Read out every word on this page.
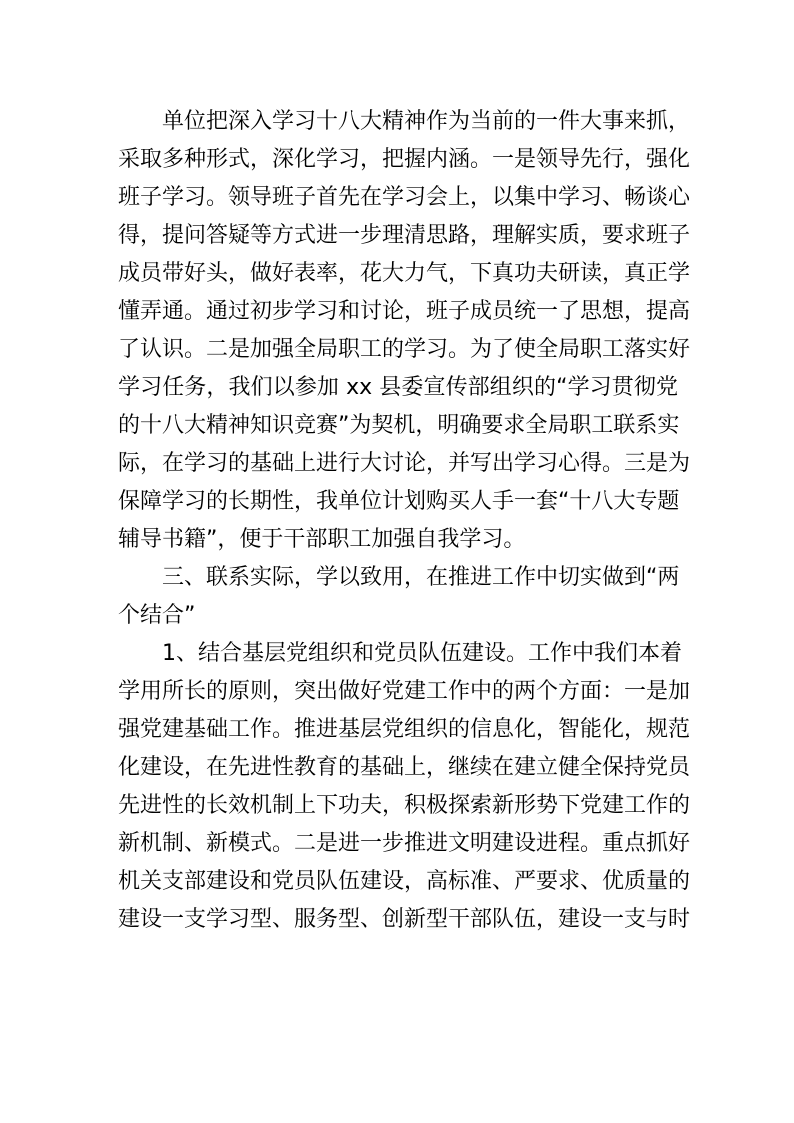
单位把深入学习十八大精神作为当前的一件大事来抓，
采取多种形式，深化学习，把握内涵。一是领导先行，强化
班子学习。领导班子首先在学习会上，以集中学习、畅谈心
得，提问答疑等方式进一步理清思路，理解实质，要求班子
成员带好头，做好表率，花大力气，下真功夫研读，真正学
懂弄通。通过初步学习和讨论，班子成员统一了思想，提高
了认识。二是加强全局职工的学习。为了使全局职工落实好
学习任务，我们以参加 xx 县委宣传部组织的“学习贯彻党
的十八大精神知识竞赛”为契机，明确要求全局职工联系实
际，在学习的基础上进行大讨论，并写出学习心得。三是为
保障学习的长期性，我单位计划购买人手一套“十八大专题
辅导书籍”，便于干部职工加强自我学习。
三、联系实际，学以致用，在推进工作中切实做到“两
个结合”
1、结合基层党组织和党员队伍建设。工作中我们本着
学用所长的原则，突出做好党建工作中的两个方面：一是加
强党建基础工作。推进基层党组织的信息化，智能化，规范
化建设，在先进性教育的基础上，继续在建立健全保持党员
先进性的长效机制上下功夫，积极探索新形势下党建工作的
新机制、新模式。二是进一步推进文明建设进程。重点抓好
机关支部建设和党员队伍建设，高标准、严要求、优质量的
建设一支学习型、服务型、创新型干部队伍，建设一支与时
